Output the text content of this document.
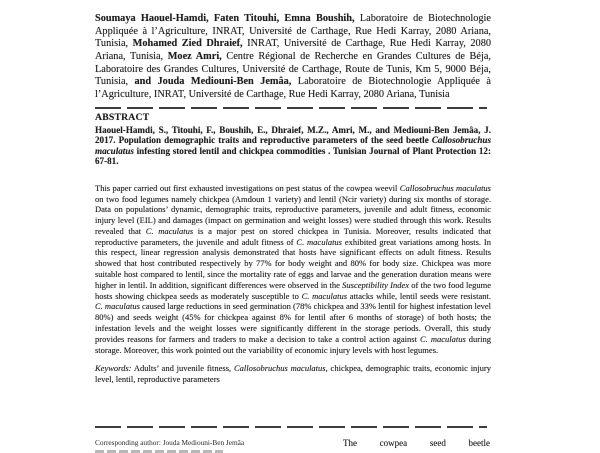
Soumaya Haouel-Hamdi, Faten Titouhi, Emna Boushih, Laboratoire de Biotechnologie Appliquée à l’Agriculture, INRAT, Université de Carthage, Rue Hedi Karray, 2080 Ariana, Tunisia, Mohamed Zied Dhraief, INRAT, Université de Carthage, Rue Hedi Karray, 2080 Ariana, Tunisia, Moez Amri, Centre Régional de Recherche en Grandes Cultures de Béja, Laboratoire des Grandes Cultures, Université de Carthage, Route de Tunis, Km 5, 9000 Béja, Tunisia, and Jouda Mediouni-Ben Jemâa, Laboratoire de Biotechnologie Appliquée à l’Agriculture, INRAT, Université de Carthage, Rue Hedi Karray, 2080 Ariana, Tunisia

ABSTRACT

Haouel-Hamdi, S., Titouhi, F., Boushih, E., Dhraief, M.Z., Amri, M., and Mediouni-Ben Jemâa, J. 2017. Population demographic traits and reproductive parameters of the seed beetle Callosobruchus maculatus infesting stored lentil and chickpea commodities . Tunisian Journal of Plant Protection 12: 67-81.

This paper carried out first exhausted investigations on pest status of the cowpea weevil Callosobruchus maculatus on two food legumes namely chickpea (Amdoun 1 variety) and lentil (Ncir variety) during six months of storage. Data on populations’ dynamic, demographic traits, reproductive parameters, juvenile and adult fitness, economic injury level (EIL) and damages (impact on germination and weight losses) were studied through this work. Results revealed that C. maculatus is a major pest on stored chickpea in Tunisia. Moreover, results indicated that reproductive parameters, the juvenile and adult fitness of C. maculatus exhibited great variations among hosts. In this respect, linear regression analysis demonstrated that hosts have significant effects on adult fitness. Results showed that host contributed respectively by 77% for body weight and 80% for body size. Chickpea was more suitable host compared to lentil, since the mortality rate of eggs and larvae and the generation duration means were higher in lentil. In addition, significant differences were observed in the Susceptibility Index of the two food legume hosts showing chickpea seeds as moderately susceptible to C. maculatus attacks while, lentil seeds were resistant. C. maculatus caused large reductions in seed germination (78% chickpea and 33% lentil for highest infestation level 80%) and seeds weight (45% for chickpea against 8% for lentil after 6 months of storage) of both hosts; the infestation levels and the weight losses were significantly different in the storage periods. Overall, this study provides reasons for farmers and traders to make a decision to take a control action against C. maculatus during storage. Moreover, this work pointed out the variability of economic injury levels with host legumes.

Keywords: Adults’ and juvenile fitness, Callosobruchus maculatus, chickpea, demographic traits, economic injury level, lentil, reproductive parameters

Corresponding author: Jouda Mediouni-Ben Jemâa	The cowpea seed beetle
